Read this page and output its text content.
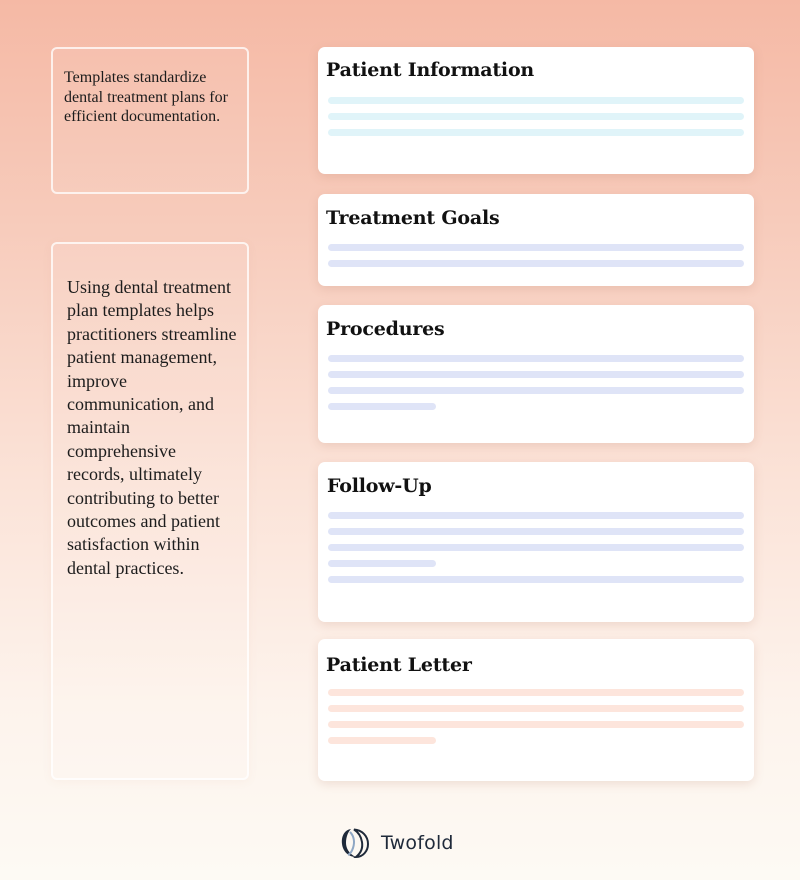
Templates standardize dental treatment plans for efficient documentation.
Using dental treatment plan templates helps practitioners streamline patient management, improve communication, and maintain comprehensive records, ultimately contributing to better outcomes and patient satisfaction within dental practices.
Patient Information
Treatment Goals
Procedures
Follow-Up
Patient Letter
Twofold
